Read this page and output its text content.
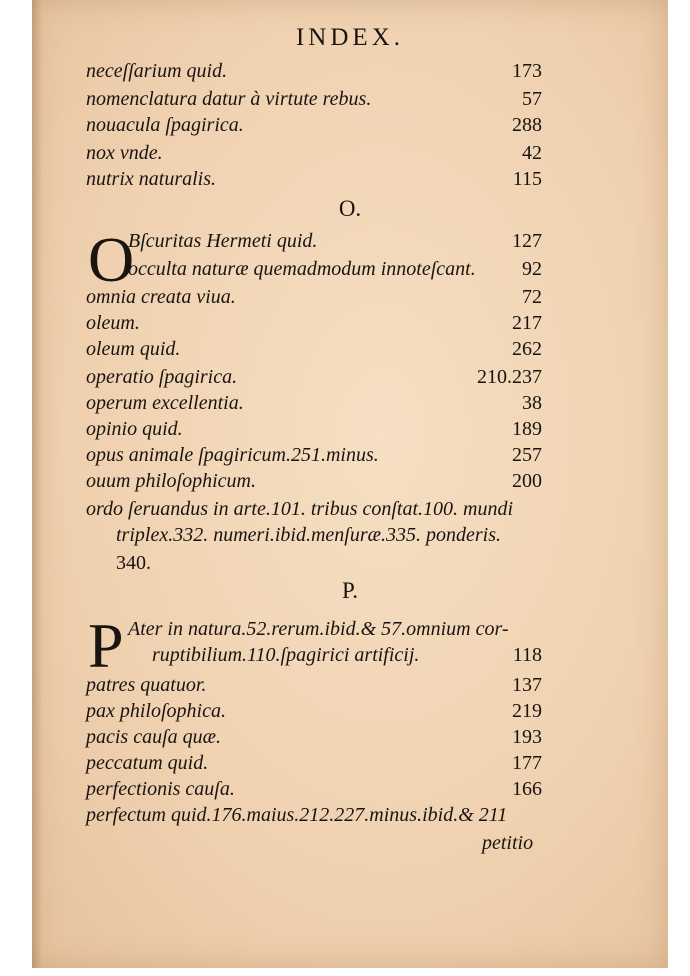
INDEX.
neceſſarium quid.	173
nomenclatura datur à virtute rebus.	57
nouacula ſpagirica.	288
nox vnde.	42
nutrix naturalis.	115
O.
O
Bſcuritas Hermeti quid.	127
occulta naturæ quemadmodum innoteſcant. 92
omnia creata viua.	72
oleum.	217
oleum quid.	262
operatio ſpagirica.	210.237
operum excellentia.	38
opinio quid.	189
opus animale ſpagiricum.251.minus.	257
ouum philoſophicum.	200
ordo ſeruandus in arte.101. tribus conſtat.100. mundi
triplex.332. numeri.ibid.menſuræ.335. ponderis.
340.
P.
P Ater in natura.52.rerum.ibid.& 57.omnium cor-
ruptibilium.110.ſpagirici artificij.	118
patres quatuor.	137
pax philoſophica.	219
pacis cauſa quæ.	193
peccatum quid.	177
perfectionis cauſa.	166
perfectum quid.176.maius.212.227.minus.ibid.& 211
petitio
